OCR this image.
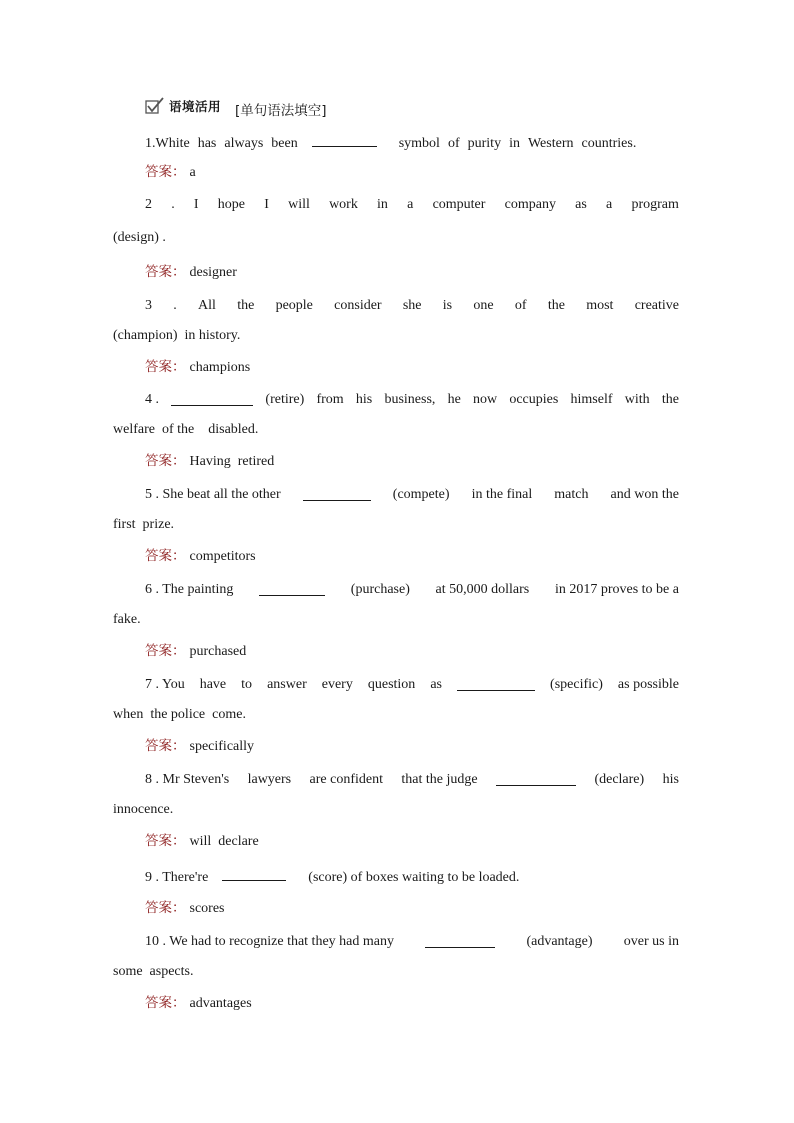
语境活用 [单句语法填空]
1.White has always been	symbol of purity in Western countries.
答案： a
2 . I hope I will work in a computer company as a program
(design) .
答案： designer
3 . All the people consider she is one of the most creative
(champion)  in history.
答案： champions
4 .	(retire) from his business, he now occupies himself with the
welfare  of the    disabled.
答案： Having  retired
5 . She beat all the other	(compete) in the final match and won the
first  prize.
答案： competitors
6 . The painting	(purchase) at 50,000 dollars in 2017 proves to be a
fake.
答案： purchased
7 . You have to answer every question as	(specific) as possible
when  the police  come.
答案： specifically
8 . Mr Steven's lawyers are confident that the judge	(declare) his
innocence.
答案： will  declare
9 . There're	(score) of boxes waiting to be loaded.
答案： scores
10 . We had to recognize that they had many	(advantage) over us in
some  aspects.
答案： advantages
